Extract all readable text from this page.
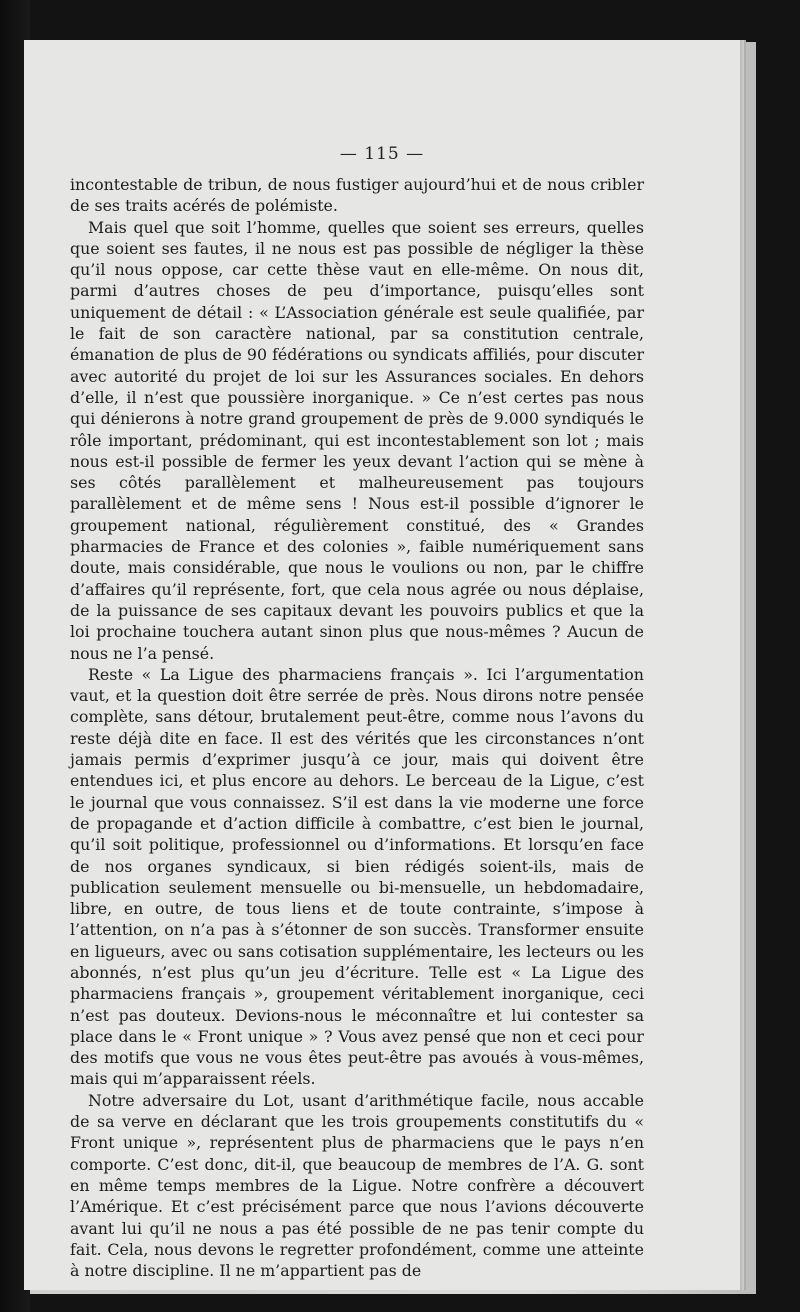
— 115 —

incontestable de tribun, de nous fustiger aujourd’hui et de nous cribler de ses traits acérés de polémiste.

Mais quel que soit l’homme, quelles que soient ses erreurs, quelles que soient ses fautes, il ne nous est pas possible de négliger la thèse qu’il nous oppose, car cette thèse vaut en elle-même. On nous dit, parmi d’autres choses de peu d’importance, puisqu’elles sont uniquement de détail : « L’Association générale est seule qualifiée, par le fait de son caractère national, par sa constitution centrale, émanation de plus de 90 fédérations ou syndicats affiliés, pour discuter avec autorité du projet de loi sur les Assurances sociales. En dehors d’elle, il n’est que poussière inorganique. » Ce n’est certes pas nous qui dénierons à notre grand groupement de près de 9.000 syndiqués le rôle important, prédominant, qui est incontestablement son lot ; mais nous est-il possible de fermer les yeux devant l’action qui se mène à ses côtés parallèlement et malheureusement pas toujours parallèlement et de même sens ! Nous est-il possible d’ignorer le groupement national, régulièrement constitué, des « Grandes pharmacies de France et des colonies », faible numériquement sans doute, mais considérable, que nous le voulions ou non, par le chiffre d’affaires qu’il représente, fort, que cela nous agrée ou nous déplaise, de la puissance de ses capitaux devant les pouvoirs publics et que la loi prochaine touchera autant sinon plus que nous-mêmes ? Aucun de nous ne l’a pensé.

Reste « La Ligue des pharmaciens français ». Ici l’argumentation vaut, et la question doit être serrée de près. Nous dirons notre pensée complète, sans détour, brutalement peut-être, comme nous l’avons du reste déjà dite en face. Il est des vérités que les circonstances n’ont jamais permis d’exprimer jusqu’à ce jour, mais qui doivent être entendues ici, et plus encore au dehors. Le berceau de la Ligue, c’est le journal que vous connaissez. S’il est dans la vie moderne une force de propagande et d’action difficile à combattre, c’est bien le journal, qu’il soit politique, professionnel ou d’informations. Et lorsqu’en face de nos organes syndicaux, si bien rédigés soient-ils, mais de publication seulement mensuelle ou bi-mensuelle, un hebdomadaire, libre, en outre, de tous liens et de toute contrainte, s’impose à l’attention, on n’a pas à s’étonner de son succès. Transformer ensuite en ligueurs, avec ou sans cotisation supplémentaire, les lecteurs ou les abonnés, n’est plus qu’un jeu d’écriture. Telle est « La Ligue des pharmaciens français », groupement véritablement inorganique, ceci n’est pas douteux. Devions-nous le méconnaître et lui contester sa place dans le « Front unique » ? Vous avez pensé que non et ceci pour des motifs que vous ne vous êtes peut-être pas avoués à vous-mêmes, mais qui m’apparaissent réels.

Notre adversaire du Lot, usant d’arithmétique facile, nous accable de sa verve en déclarant que les trois groupements constitutifs du « Front unique », représentent plus de pharmaciens que le pays n’en comporte. C’est donc, dit-il, que beaucoup de membres de l’A. G. sont en même temps membres de la Ligue. Notre confrère a découvert l’Amérique. Et c’est précisément parce que nous l’avions découverte avant lui qu’il ne nous a pas été possible de ne pas tenir compte du fait. Cela, nous devons le regretter profondément, comme une atteinte à notre discipline. Il ne m’appartient pas de
